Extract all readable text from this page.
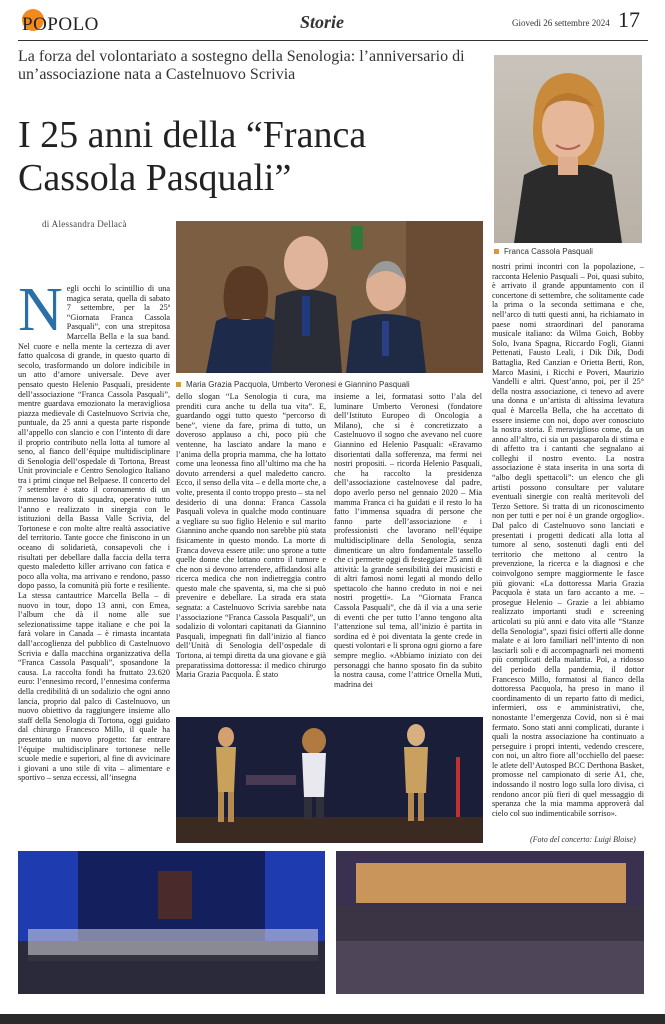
POPOLO	Storie	Giovedì 26 settembre 2024 17
La forza del volontariato a sostegno della Senologia: l’anniversario di un’associazione nata a Castelnuovo Scrivia
I 25 anni della “Franca Cassola Pasquali”
di Alessandra Dellacà
Franca Cassola Pasquali
Maria Grazia Pacquola, Umberto Veronesi e Giannino Pasquali
Negli occhi lo scintillio di una magica serata, quella di sabato 7 settembre, per la 25ª “Giornata Franca Cassola Pasquali”, con una strepitosa Marcella Bella e la sua band. Nel cuore e nella mente la certezza di aver fatto qualcosa di grande, in questo quarto di secolo, trasformando un dolore indicibile in un atto d’amore universale. Deve aver pensato questo Helenio Pasquali, presidente dell’associazione “Franca Cassola Pasquali”, mentre guardava emozionato la meravigliosa piazza medievale di Castelnuovo Scrivia che, puntuale, da 25 anni a questa parte risponde all’appello con slancio e con l’intento di dare il proprio contributo nella lotta al tumore al seno, al fianco dell’équipe multidisciplinare di Senologia dell’ospedale di Tortona, Breast Unit provinciale e Centro Senologico Italiano tra i primi cinque nel Belpaese. Il concerto del 7 settembre è stato il coronamento di un immenso lavoro di squadra, operativo tutto l’anno e realizzato in sinergia con le istituzioni della Bassa Valle Scrivia, del Tortonese e con molte altre realtà associative del territorio. Tante gocce che finiscono in un oceano di solidarietà, consapevoli che i risultati per debellare dalla faccia della terra questo maledetto killer arrivano con fatica e poco alla volta, ma arrivano e rendono, passo dopo passo, la comunità più forte e resiliente. La stessa cantautrice Marcella Bella – di nuovo in tour, dopo 13 anni, con Emea, l’album che dà il nome alle sue selezionatissime tappe italiane e che poi la farà volare in Canada – è rimasta incantata dall’accoglienza del pubblico di Castelnuovo Scrivia e dalla macchina organizzativa della “Franca Cassola Pasquali”, sposandone la causa. La raccolta fondi ha fruttato 23.620 euro: l’ennesimo record, l’ennesima conferma della credibilità di un sodalizio che ogni anno lancia, proprio dal palco di Castelnuovo, un nuovo obiettivo da raggiungere insieme allo staff della Senologia di Tortona, oggi guidato dal chirurgo Francesco Millo, il quale ha presentato un nuovo progetto: far entrare l’équipe multidisciplinare tortonese nelle scuole medie e superiori, al fine di avvicinare i giovani a uno stile di vita – alimentare e sportivo – senza eccessi, all’insegna
dello slogan “La Senologia ti cura, ma prenditi cura anche tu della tua vita”. E, guardando oggi tutto questo “percorso di bene”, viene da fare, prima di tutto, un doveroso applauso a chi, poco più che ventenne, ha lasciato andare la mano e l’anima della propria mamma, che ha lottato come una leonessa fino all’ultimo ma che ha dovuto arrendersi a quel maledetto cancro. Ecco, il senso della vita – e della morte che, a volte, presenta il conto troppo presto – sta nel desiderio di una donna: Franca Cassola Pasquali voleva in qualche modo continuare a vegliare su suo figlio Helenio e sul marito Giannino anche quando non sarebbe più stata fisicamente in questo mondo. La morte di Franca doveva essere utile: uno sprone a tutte quelle donne che lottano contro il tumore e che non si devono arrendere, affidandosi alla ricerca medica che non indietreggia contro questo male che spaventa, sì, ma che si può prevenire e debellare. La strada era stata segnata: a Castelnuovo Scrivia sarebbe nata l’associazione “Franca Cassola Pasquali”, un sodalizio di volontari capitanati da Giannino Pasquali, impegnati fin dall’inizio al fianco dell’Unità di Senologia dell’ospedale di Tortona, ai tempi diretta da una giovane e già preparatissima dottoressa: il medico chirurgo Maria Grazia Pacquola. È stato
insieme a lei, formatasi sotto l’ala del luminare Umberto Veronesi (fondatore dell’Istituto Europeo di Oncologia a Milano), che si è concretizzato a Castelnuovo il sogno che avevano nel cuore Giannino ed Helenio Pasquali: «Eravamo disorientati dalla sofferenza, ma fermi nei nostri propositi. – ricorda Helenio Pasquali, che ha raccolto la presidenza dell’associazione castelnovese dal padre, dopo averlo perso nel gennaio 2020 – Mia mamma Franca ci ha guidati e il resto lo ha fatto l’immensa squadra di persone che fanno parte dell’associazione e i professionisti che lavorano nell’équipe multidisciplinare della Senologia, senza dimenticare un altro fondamentale tassello che ci permette oggi di festeggiare 25 anni di attività: la grande sensibilità dei musicisti e di altri famosi nomi legati al mondo dello spettacolo che hanno creduto in noi e nei nostri progetti». La “Giornata Franca Cassola Pasquali”, che dà il via a una serie di eventi che per tutto l’anno tengono alta l’attenzione sul tema, all’inizio è partita in sordina ed è poi diventata la gente crede in questi volontari e li sprona ogni giorno a fare sempre meglio. «Abbiamo iniziato con dei personaggi che hanno sposato fin da subito la nostra causa, come l’attrice Ornella Muti, madrina dei
nostri primi incontri con la popolazione, – racconta Helenio Pasquali – Poi, quasi subito, è arrivato il grande appuntamento con il concertone di settembre, che solitamente cade la prima o la seconda settimana e che, nell’arco di tutti questi anni, ha richiamato in paese nomi straordinari del panorama musicale italiano: da Wilma Goich, Bobby Solo, Ivana Spagna, Riccardo Fogli, Gianni Pettenati, Fausto Leali, i Dik Dik, Dodi Battaglia, Red Canzian e Orietta Berti, Ron, Marco Masini, i Ricchi e Poveri, Maurizio Vandelli e altri. Quest’anno, poi, per il 25° della nostra associazione, ci tenevo ad avere una donna e un’artista di altissima levatura qual è Marcella Bella, che ha accettato di essere insieme con noi, dopo aver conosciuto la nostra storia. È meraviglioso come, da un anno all’altro, ci sia un passaparola di stima e di affetto tra i cantanti che segnalano ai colleghi il nostro evento. La nostra associazione è stata inserita in una sorta di “albo degli spettacoli”: un elenco che gli artisti possono consultare per valutare eventuali sinergie con realtà meritevoli del Terzo Settore. Si tratta di un riconoscimento non per tutti e per noi è un grande orgoglio». Dal palco di Castelnuovo sono lanciati e presentati i progetti dedicati alla lotta al tumore al seno, sostenuti dagli enti del territorio che mettono al centro la prevenzione, la ricerca e la diagnosi e che coinvolgono sempre maggiormente le fasce più giovani: «La dottoressa Maria Grazia Pacquola è stata un faro accanto a me. – prosegue Helenio – Grazie a lei abbiamo realizzato importanti studi e screening articolati su più anni e dato vita alle “Stanze della Senologia”, spazi fisici offerti alle donne malate e ai loro familiari nell’intento di non lasciarli soli e di accompagnarli nei momenti più complicati della malattia. Poi, a ridosso del periodo della pandemia, il dottor Francesco Millo, formatosi al fianco della dottoressa Pacquola, ha preso in mano il coordinamento di un reparto fatto di medici, infermieri, oss e amministrativi, che, nonostante l’emergenza Covid, non si è mai fermato. Sono stati anni complicati, durante i quali la nostra associazione ha continuato a perseguire i propri intenti, vedendo crescere, con noi, un altro fiore all’occhiello del paese: le atlete dell’Autosped BCC Derthona Basket, promosse nel campionato di serie A1, che, indossando il nostro logo sulla loro divisa, ci rendono ancor più fieri di quel messaggio di speranza che la mia mamma approverà dal cielo col suo indimenticabile sorriso».
(Foto del concerto: Luigi Bloise)
